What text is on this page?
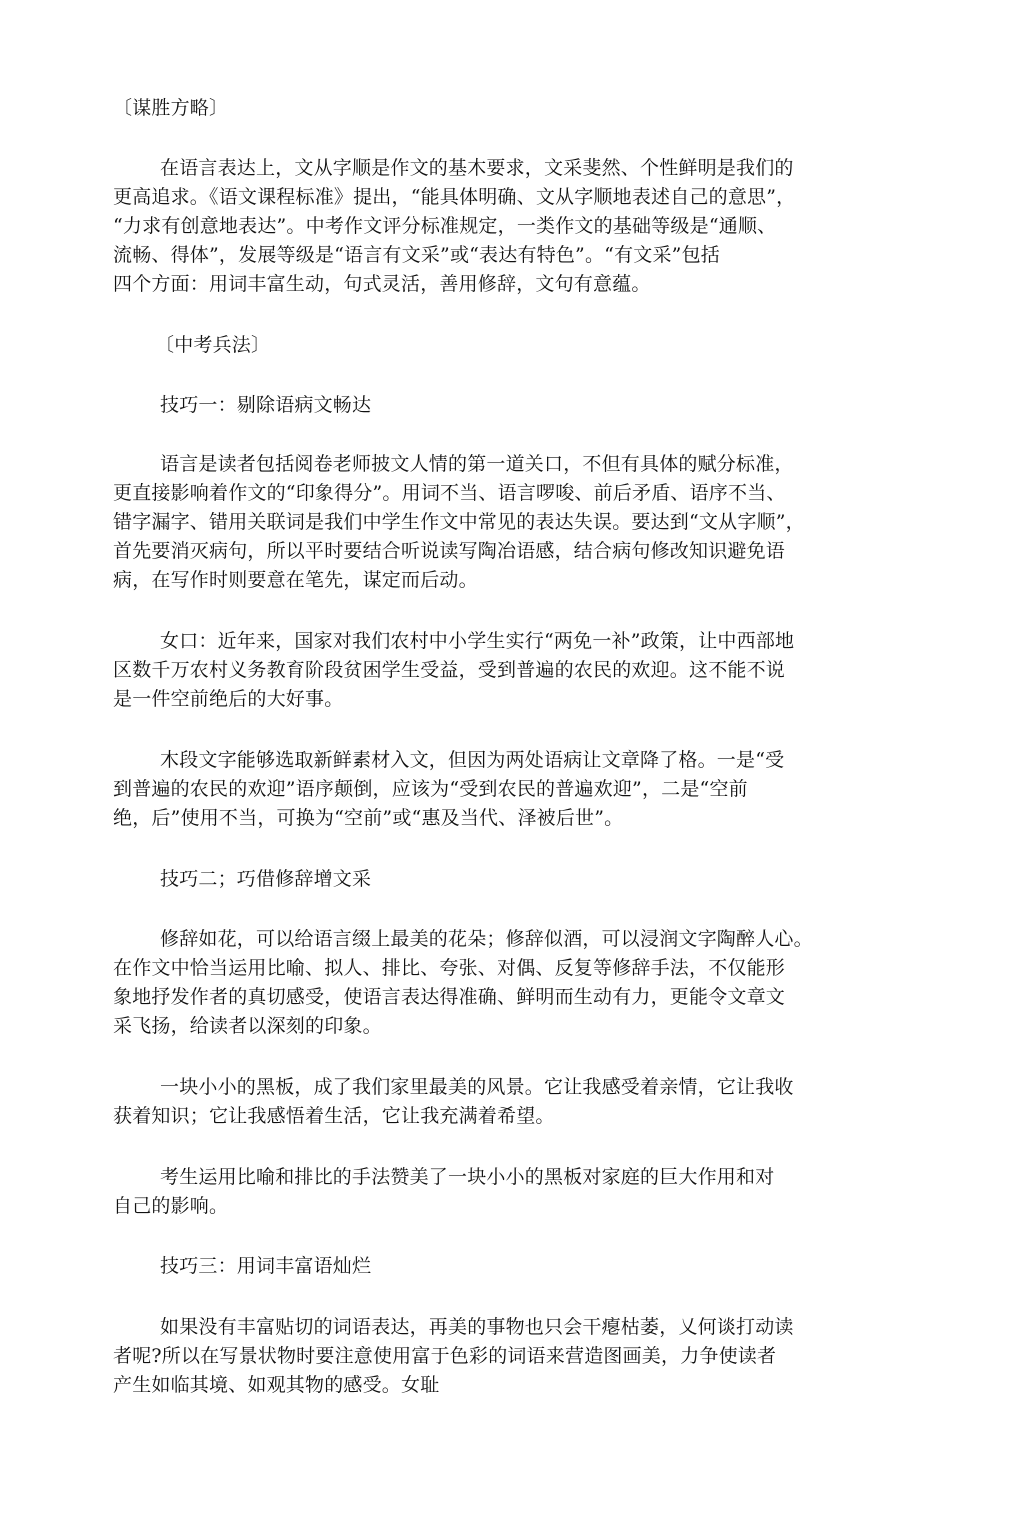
〔谋胜方略〕
在语言表达上，文从字顺是作文的基木要求，文采斐然、个性鲜明是我们的
更高追求。《语文课程标准》提出，“能具体明确、文从字顺地表述自己的意思”，
“力求有创意地表达”。中考作文评分标准规定，一类作文的基础等级是“通顺、
流畅、得体”，发展等级是“语言有文采”或“表达有特色”。“有文采”包括
四个方面：用词丰富生动，句式灵活，善用修辞，文句有意蕴。
〔中考兵法〕
技巧一：剔除语病文畅达
语言是读者包括阅卷老师披文人情的第一道关口，不但有具体的赋分标准，
更直接影响着作文的“印象得分”。用词不当、语言啰唆、前后矛盾、语序不当、
错字漏字、错用关联词是我们中学生作文中常见的表达失误。要达到“文从字顺”，
首先要消灭病句，所以平时要结合听说读写陶冶语感，结合病句修改知识避免语
病，在写作时则要意在笔先，谋定而后动。
女口：近年来，国家对我们农村中小学生实行“两免一补”政策，让中西部地
区数千万农村义务教育阶段贫困学生受益，受到普遍的农民的欢迎。这不能不说
是一件空前绝后的大好事。
木段文字能够选取新鲜素材入文，但因为两处语病让文章降了格。一是“受
到普遍的农民的欢迎”语序颠倒，应该为“受到农民的普遍欢迎”，二是“空前
绝，后”使用不当，可换为“空前”或“惠及当代、泽被后世”。
技巧二；巧借修辞增文采
修辞如花，可以给语言缀上最美的花朵；修辞似酒，可以浸润文字陶醉人心。
在作文中恰当运用比喻、拟人、排比、夸张、对偶、反复等修辞手法，不仅能形
象地抒发作者的真切感受，使语言表达得准确、鲜明而生动有力，更能令文章文
采飞扬，给读者以深刻的印象。
一块小小的黑板，成了我们家里最美的风景。它让我感受着亲情，它让我收
获着知识；它让我感悟着生活，它让我充满着希望。
考生运用比喻和排比的手法赞美了一块小小的黑板对家庭的巨大作用和对
自己的影响。
技巧三：用词丰富语灿烂
如果没有丰富贴切的词语表达，再美的事物也只会干瘪枯萎，乂何谈打动读
者呢?所以在写景状物时要注意使用富于色彩的词语来营造图画美，力争使读者
产生如临其境、如观其物的感受。女耻
